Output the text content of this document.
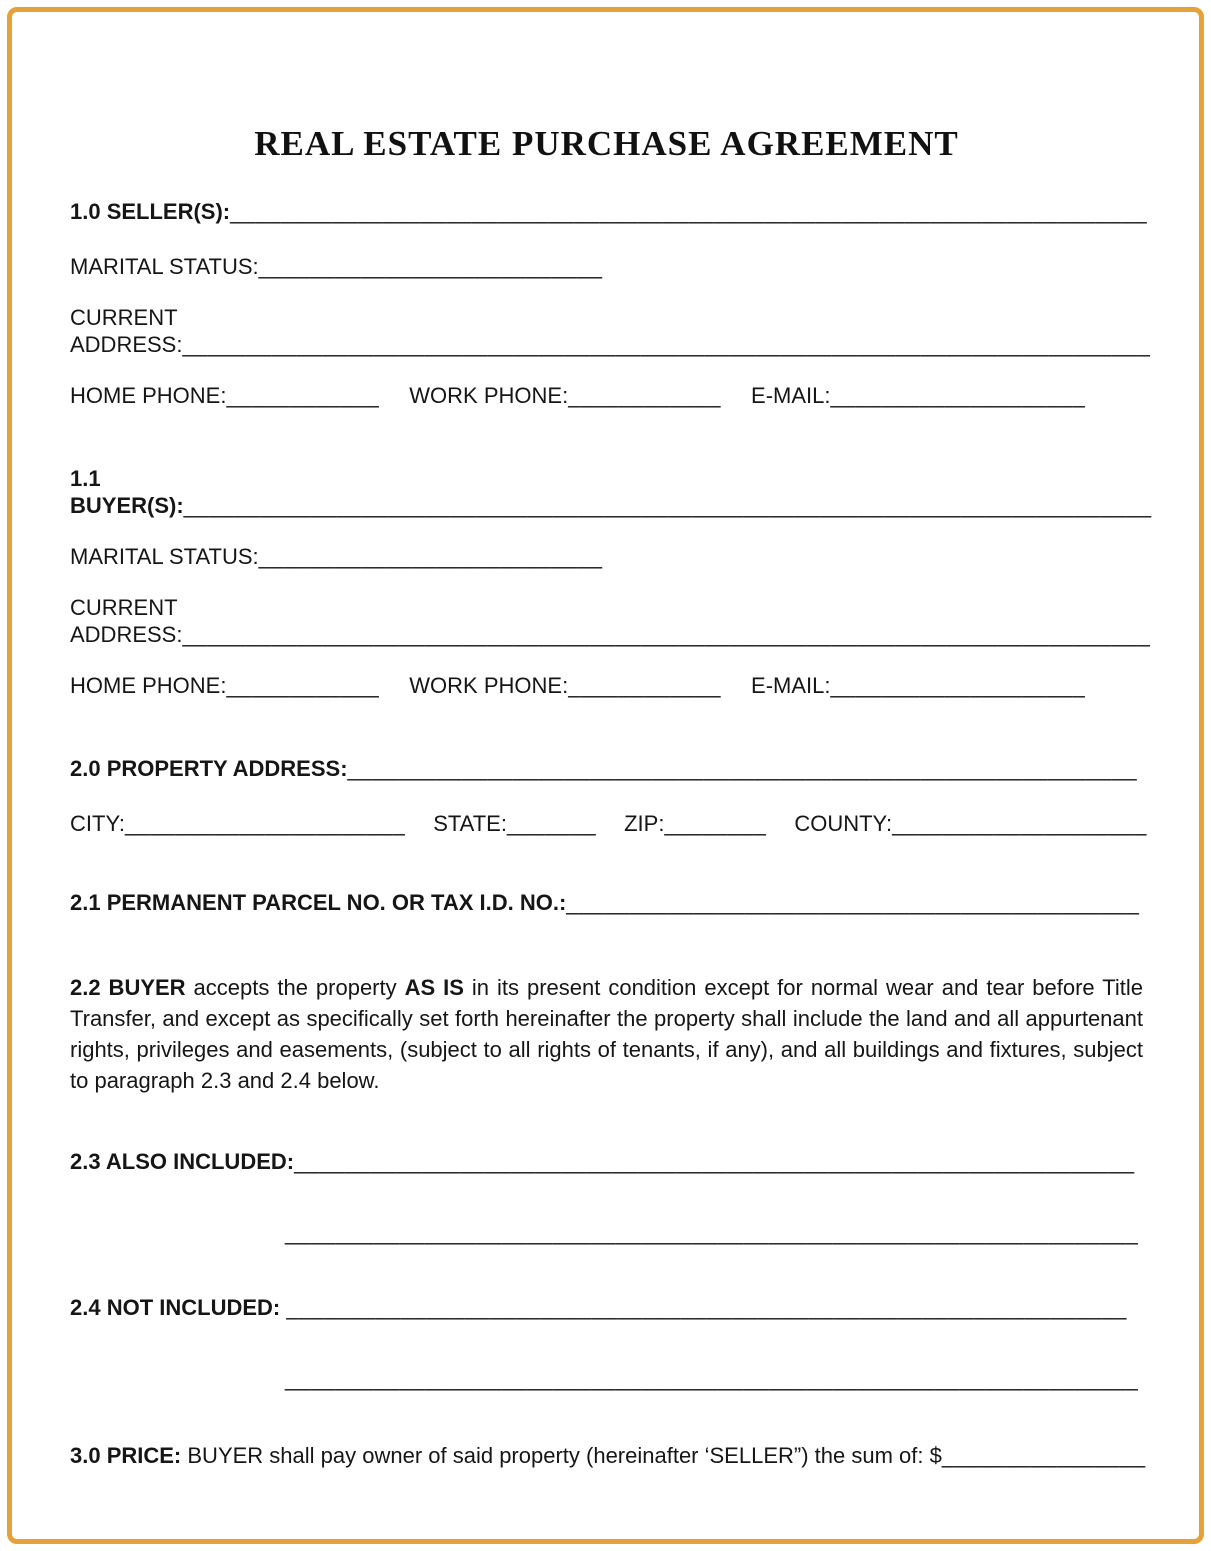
REAL ESTATE PURCHASE AGREEMENT
1.0 SELLER(S):________________________________________________________________________
MARITAL STATUS:___________________________
CURRENT
ADDRESS:____________________________________________________________________________
HOME PHONE:____________ WORK PHONE:____________ E-MAIL:____________________
1.1
BUYER(S):____________________________________________________________________________
MARITAL STATUS:___________________________
CURRENT
ADDRESS:____________________________________________________________________________
HOME PHONE:____________ WORK PHONE:____________ E-MAIL:____________________
2.0 PROPERTY ADDRESS:______________________________________________________________
CITY:______________________ STATE:_______ ZIP:________ COUNTY:____________________
2.1 PERMANENT PARCEL NO. OR TAX I.D. NO.:_____________________________________________

2.2 BUYER accepts the property AS IS in its present condition except for normal wear and tear before Title Transfer, and except as specifically set forth hereinafter the property shall include the land and all appurtenant rights, privileges and easements, (subject to all rights of tenants, if any), and all buildings and fixtures, subject to paragraph 2.3 and 2.4 below.

2.3 ALSO INCLUDED:__________________________________________________________________
___________________________________________________________________
2.4 NOT INCLUDED: __________________________________________________________________
___________________________________________________________________
3.0 PRICE: BUYER shall pay owner of said property (hereinafter ‘SELLER”) the sum of: $________________
